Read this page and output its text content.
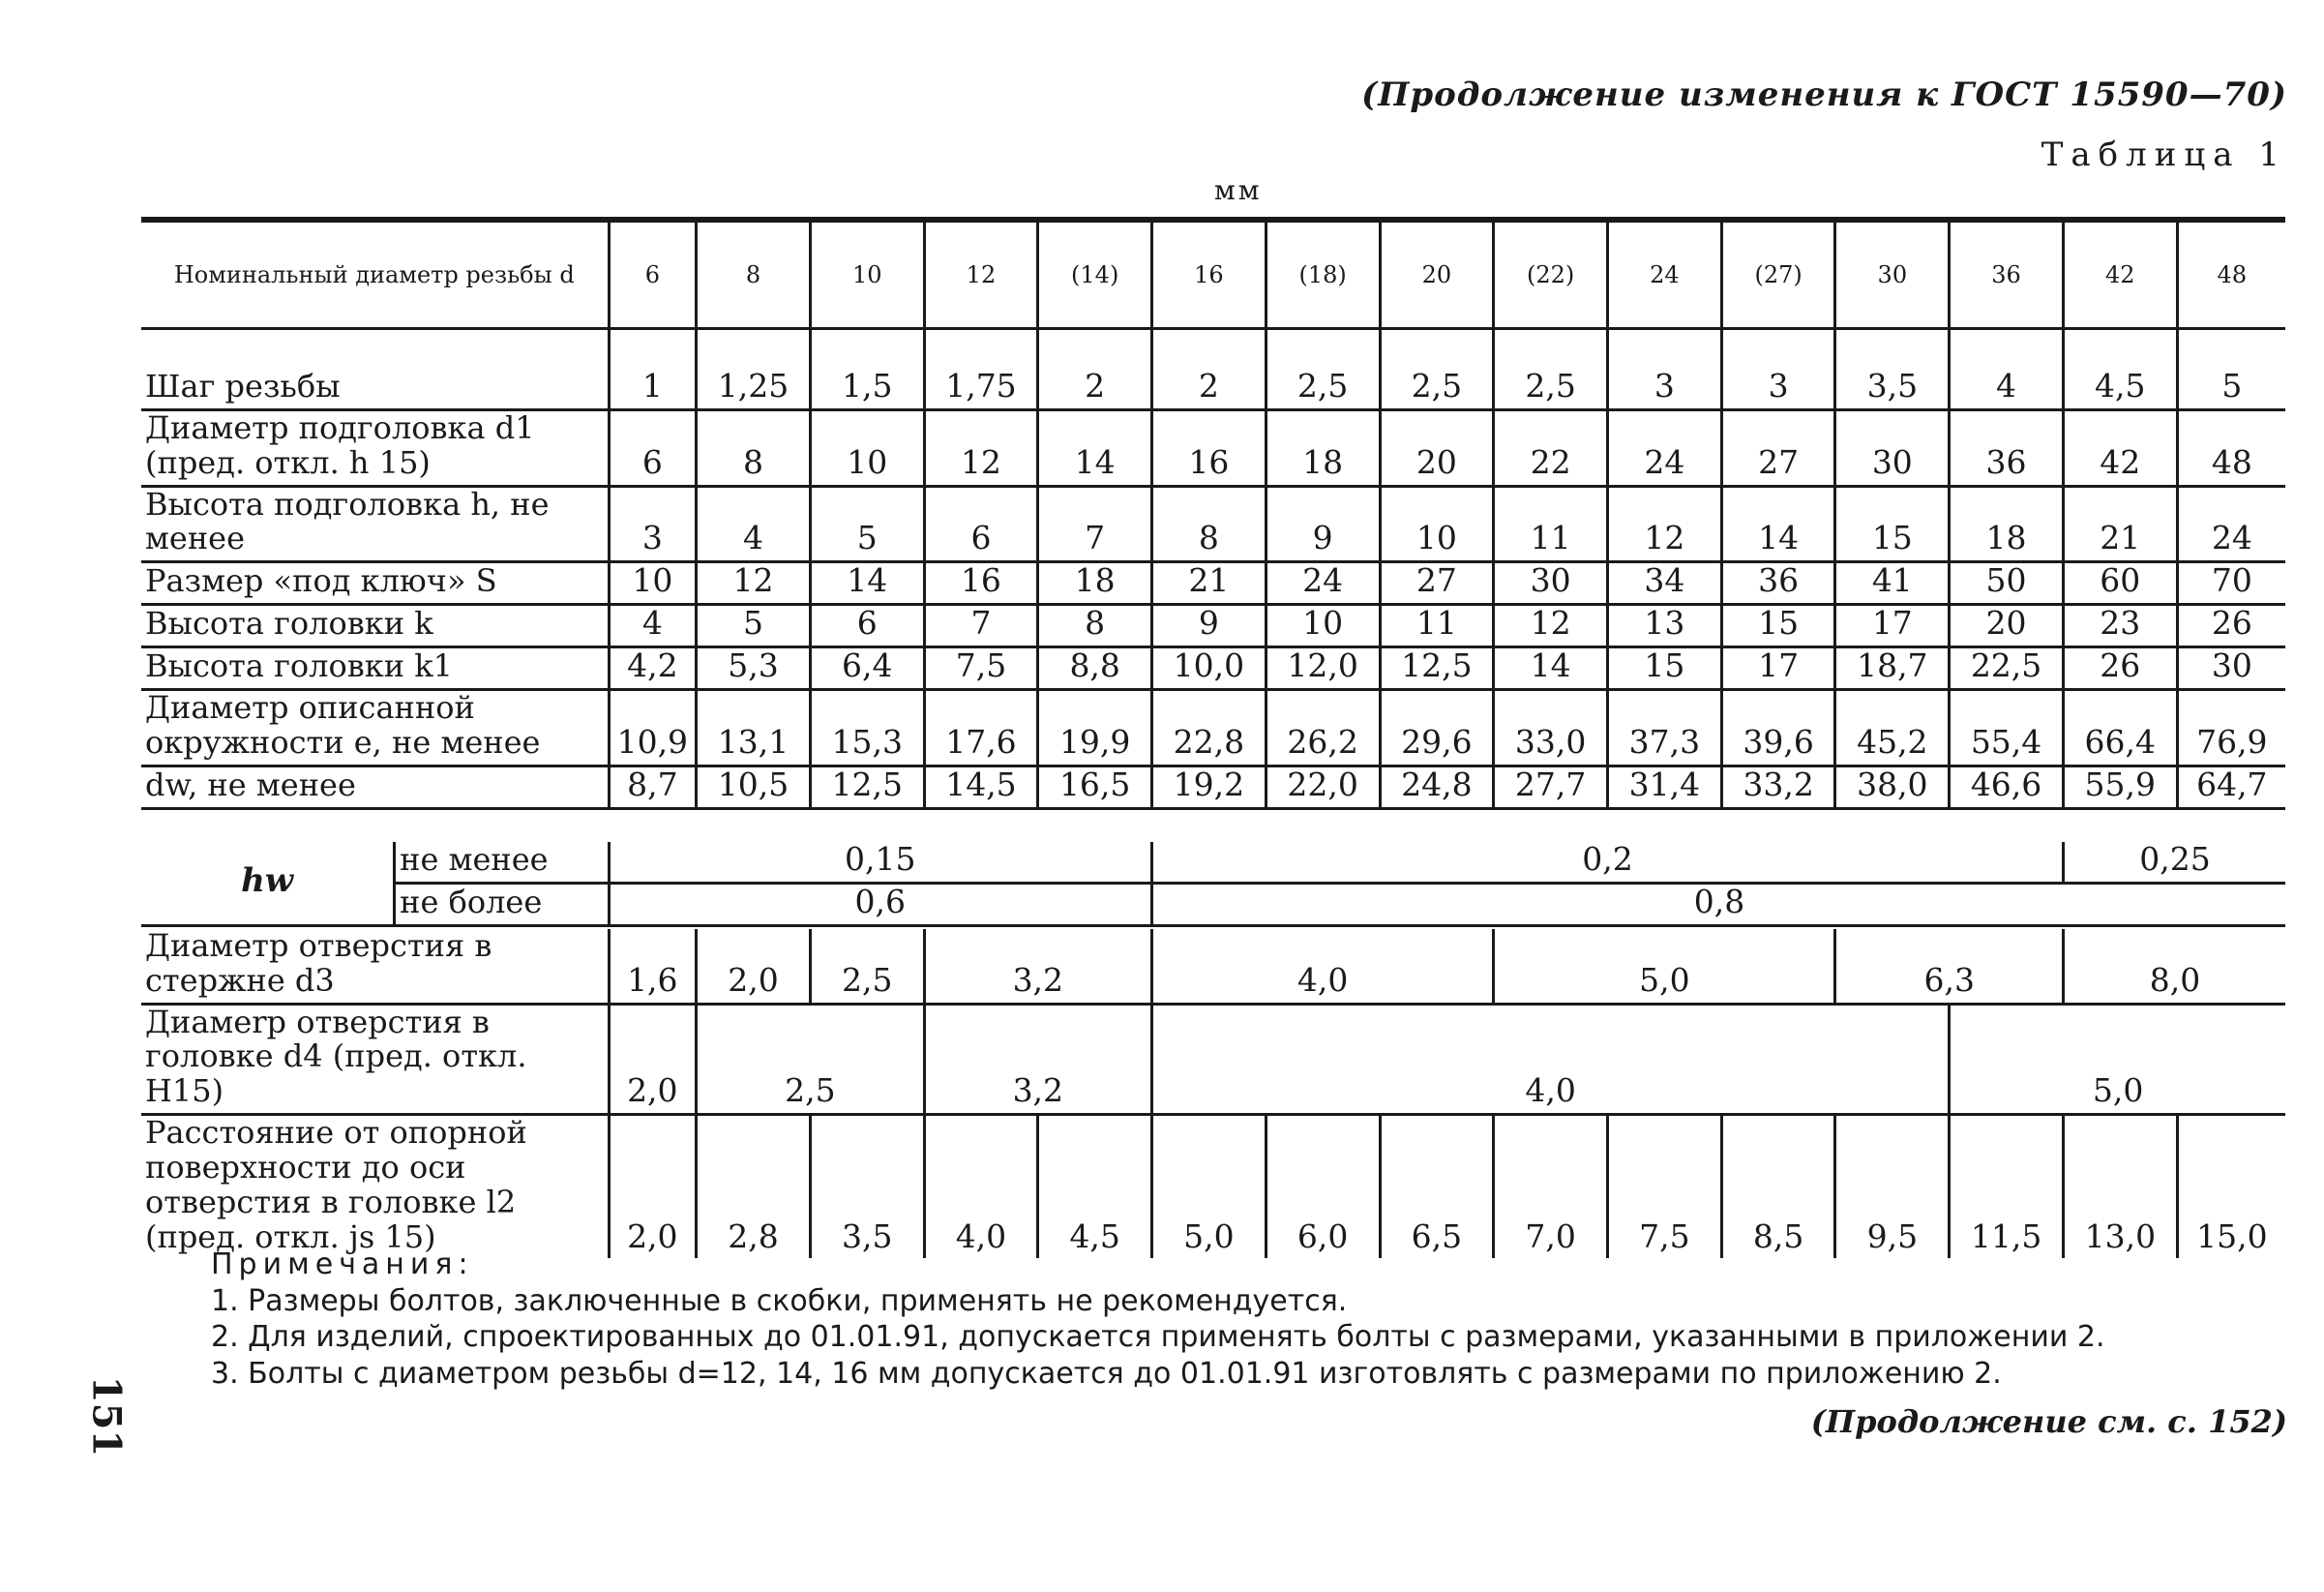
(Продолжение изменения к ГОСТ 15590—70)
Таблица 1
мм
151
Номинальный диаметр резьбы d	6	8	10	12	(14)	16	(18)	20	(22)	24	(27)	30	36	42	48

Шаг резьбы	1	1,25	1,5	1,75	2	2	2,5	2,5	2,5	3	3	3,5	4	4,5	5
Диаметр подголовка d1 (пред. откл. h 15)	6	8	10	12	14	16	18	20	22	24	27	30	36	42	48
Высота подголовка h, не менее	3	4	5	6	7	8	9	10	11	12	14	15	18	21	24
Размер «под ключ» S	10	12	14	16	18	21	24	27	30	34	36	41	50	60	70
Высота головки k	4	5	6	7	8	9	10	11	12	13	15	17	20	23	26
Высота головки k1	4,2	5,3	6,4	7,5	8,8	10,0	12,0	12,5	14	15	17	18,7	22,5	26	30
Диаметр описанной окружности e, не менее	10,9	13,1	15,3	17,6	19,9	22,8	26,2	29,6	33,0	37,3	39,6	45,2	55,4	66,4	76,9
dw, не менее	8,7	10,5	12,5	14,5	16,5	19,2	22,0	24,8	27,7	31,4	33,2	38,0	46,6	55,9	64,7
hw	не менее	0,15	0,2	0,25
	не более	0,6	0,8	
Диаметр отверстия в стержне d3	1,6	2,0	2,5	3,2		4,0			5,0			6,3		8,0	
Диамеrр отверстия в головке d4 (пред. откл. Н15)	2,0	2,5		3,2		4,0							5,0		
Расстояние от опорной поверхности до оси отверстия в головке l2 (пред. откл. js 15)	2,0	2,8	3,5	4,0	4,5	5,0	6,0	6,5	7,0	7,5	8,5	9,5	11,5	13,0	15,0
Примечания:
1. Размеры болтов, заключенные в скобки, применять не рекомендуется.
2. Для изделий, спроектированных до 01.01.91, допускается применять болты с размерами, указанными в приложении 2.
3. Болты с диаметром резьбы d=12, 14, 16 мм допускается до 01.01.91 изготовлять с размерами по приложению 2.
(Продолжение см. с. 152)
